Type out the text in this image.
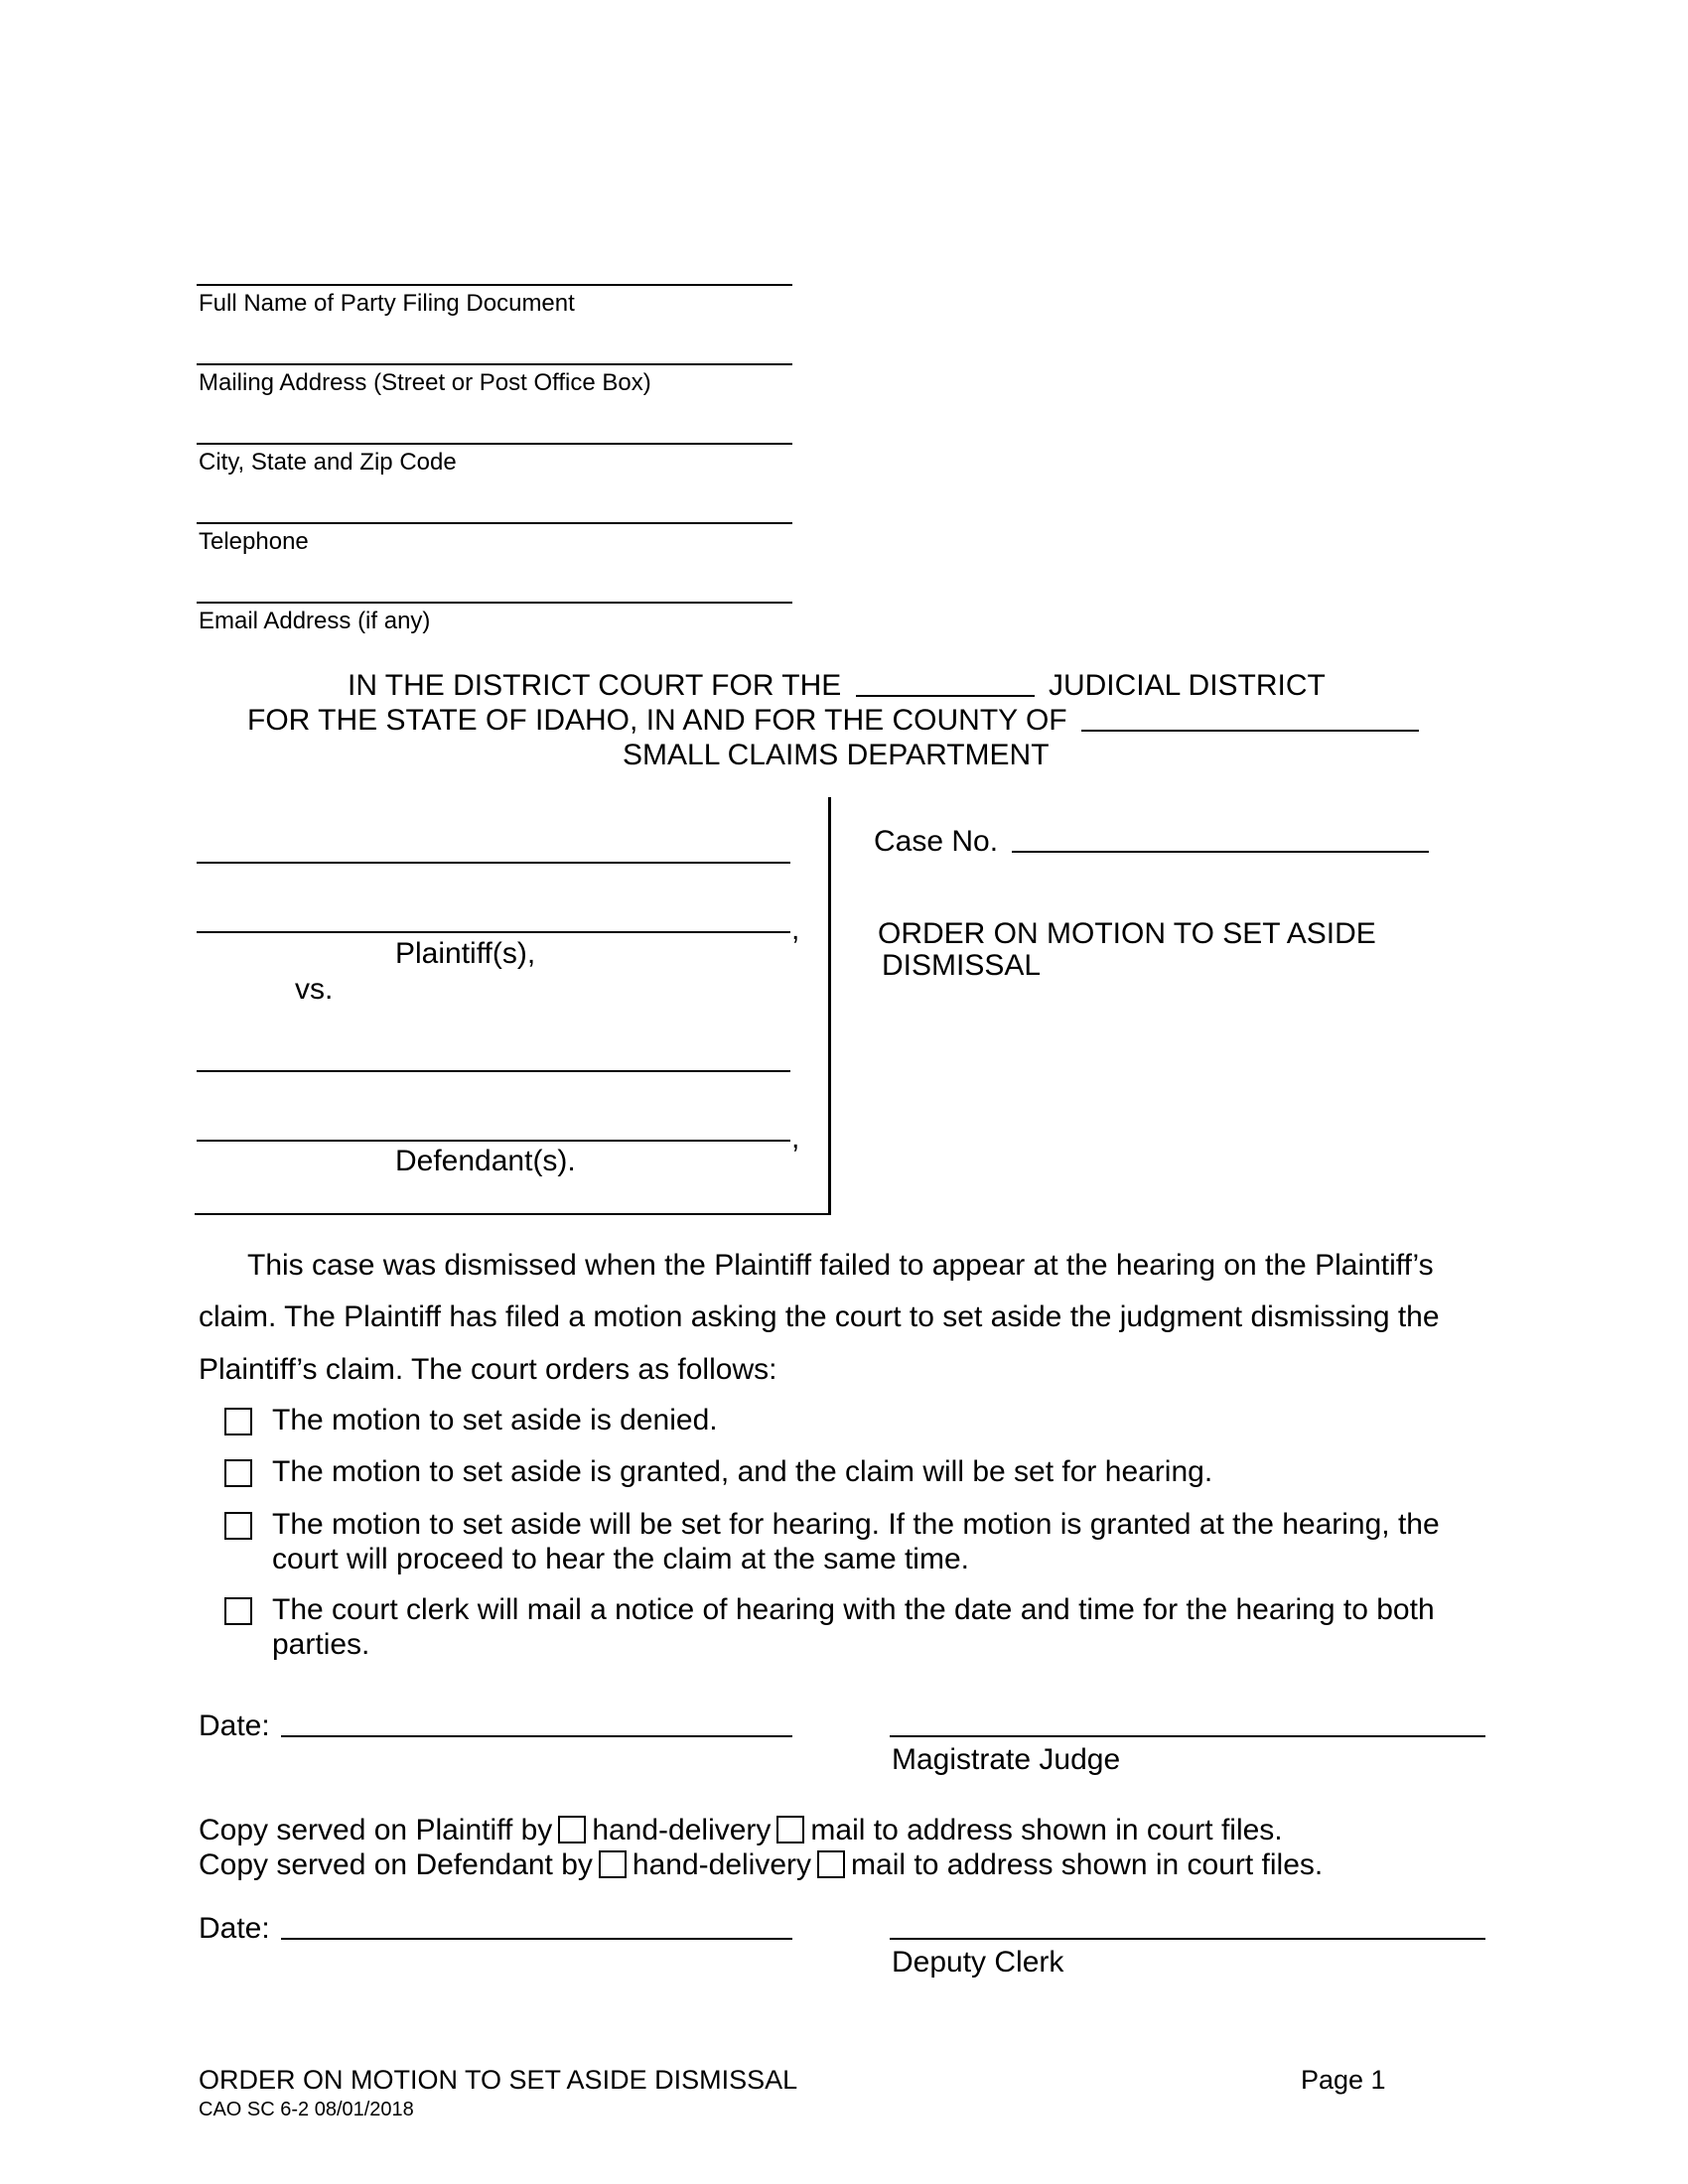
Full Name of Party Filing Document
Mailing Address (Street or Post Office Box)
City, State and Zip Code
Telephone
Email Address (if any)
IN THE DISTRICT COURT FOR THE	JUDICIAL DISTRICT
FOR THE STATE OF IDAHO, IN AND FOR THE COUNTY OF
SMALL CLAIMS DEPARTMENT
,
Plaintiff(s),
vs.
,
Defendant(s).
Case No.
ORDER ON MOTION TO SET ASIDE
DISMISSAL
This case was dismissed when the Plaintiff failed to appear at the hearing on the Plaintiff’s
claim. The Plaintiff has filed a motion asking the court to set aside the judgment dismissing the
Plaintiff’s claim. The court orders as follows:
The motion to set aside is denied.
The motion to set aside is granted, and the claim will be set for hearing.
The motion to set aside will be set for hearing. If the motion is granted at the hearing, the
court will proceed to hear the claim at the same time.
The court clerk will mail a notice of hearing with the date and time for the hearing to both
parties.
Date:
Magistrate Judge
Copy served on Plaintiff by hand-delivery mail to address shown in court files.
Copy served on Defendant by hand-delivery mail to address shown in court files.
Date:
Deputy Clerk
ORDER ON MOTION TO SET ASIDE DISMISSAL	Page 1
CAO SC 6-2 08/01/2018
